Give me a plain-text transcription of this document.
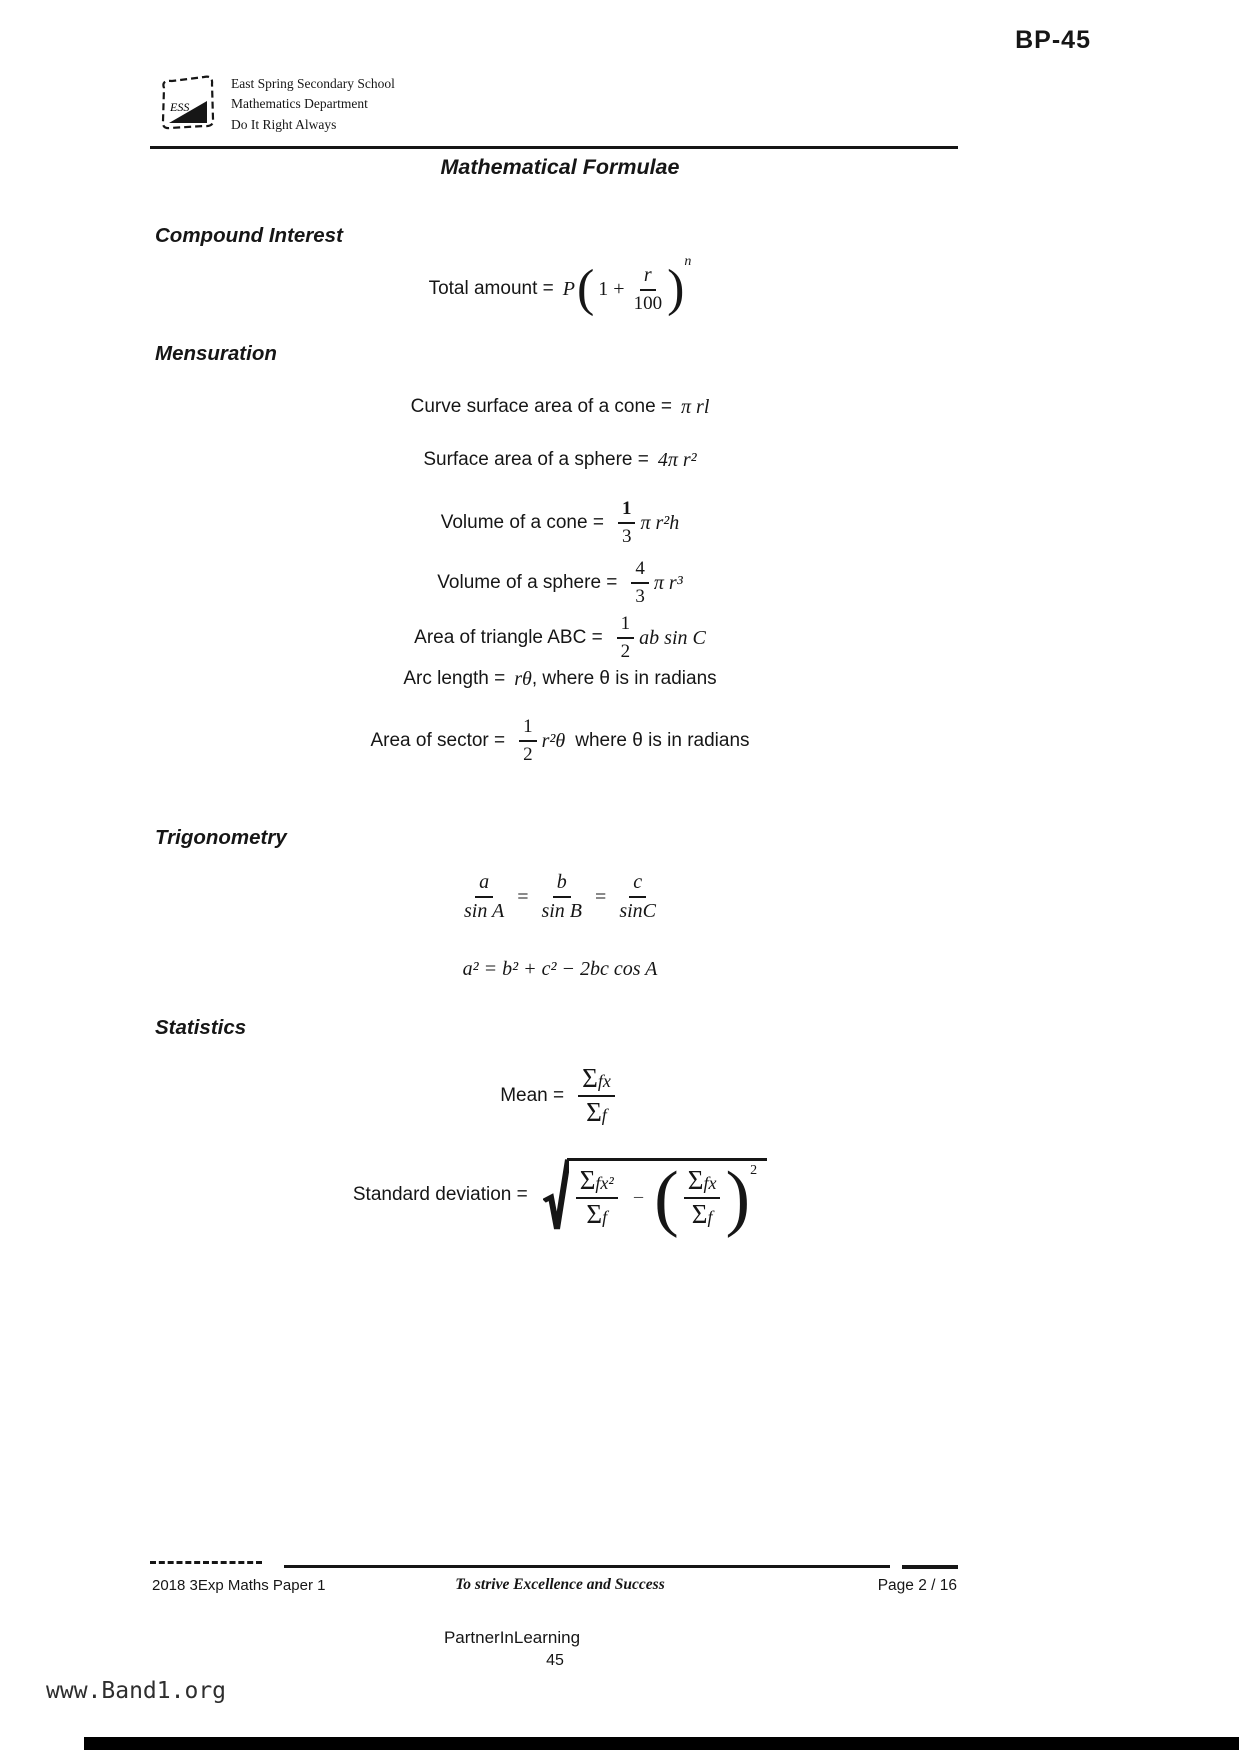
BP-45
ESS
East Spring Secondary School
Mathematics Department
Do It Right Always
Mathematical Formulae
Compound Interest
Total amount = P ( $1 + \frac{r}{100}$ ) n
Mensuration
Curve surface area of a cone = π rl
Surface area of a sphere = 4π r²
Volume of a cone = $\frac{1}{3}$ π r²h
Volume of a sphere = $\frac{4}{3}$ π r³
Area of triangle ABC = $\frac{1}{2}$ ab sin C
Arc length = rθ , where θ is in radians
Area of sector = $\frac{1}{2} r^2\theta$ where θ is in radians
Trigonometry
$\frac{a}{\text{sin A}} = \frac{b}{\text{sin B}} = \frac{c}{\sin C}$
a² = b² + c² − 2bc cos A
Statistics
Mean = $\frac{\text{Σfx}}{\Sigma f}$
Standard deviation = $\frac{\text{Σfx²}}{\Sigma f}$ − ( $\frac{\text{Σfx}}{\Sigma f}$ ) 2
2018 3Exp Maths Paper 1	To strive Excellence and Success	Page 2 / 16
PartnerInLearning
45
www.Band1.org
